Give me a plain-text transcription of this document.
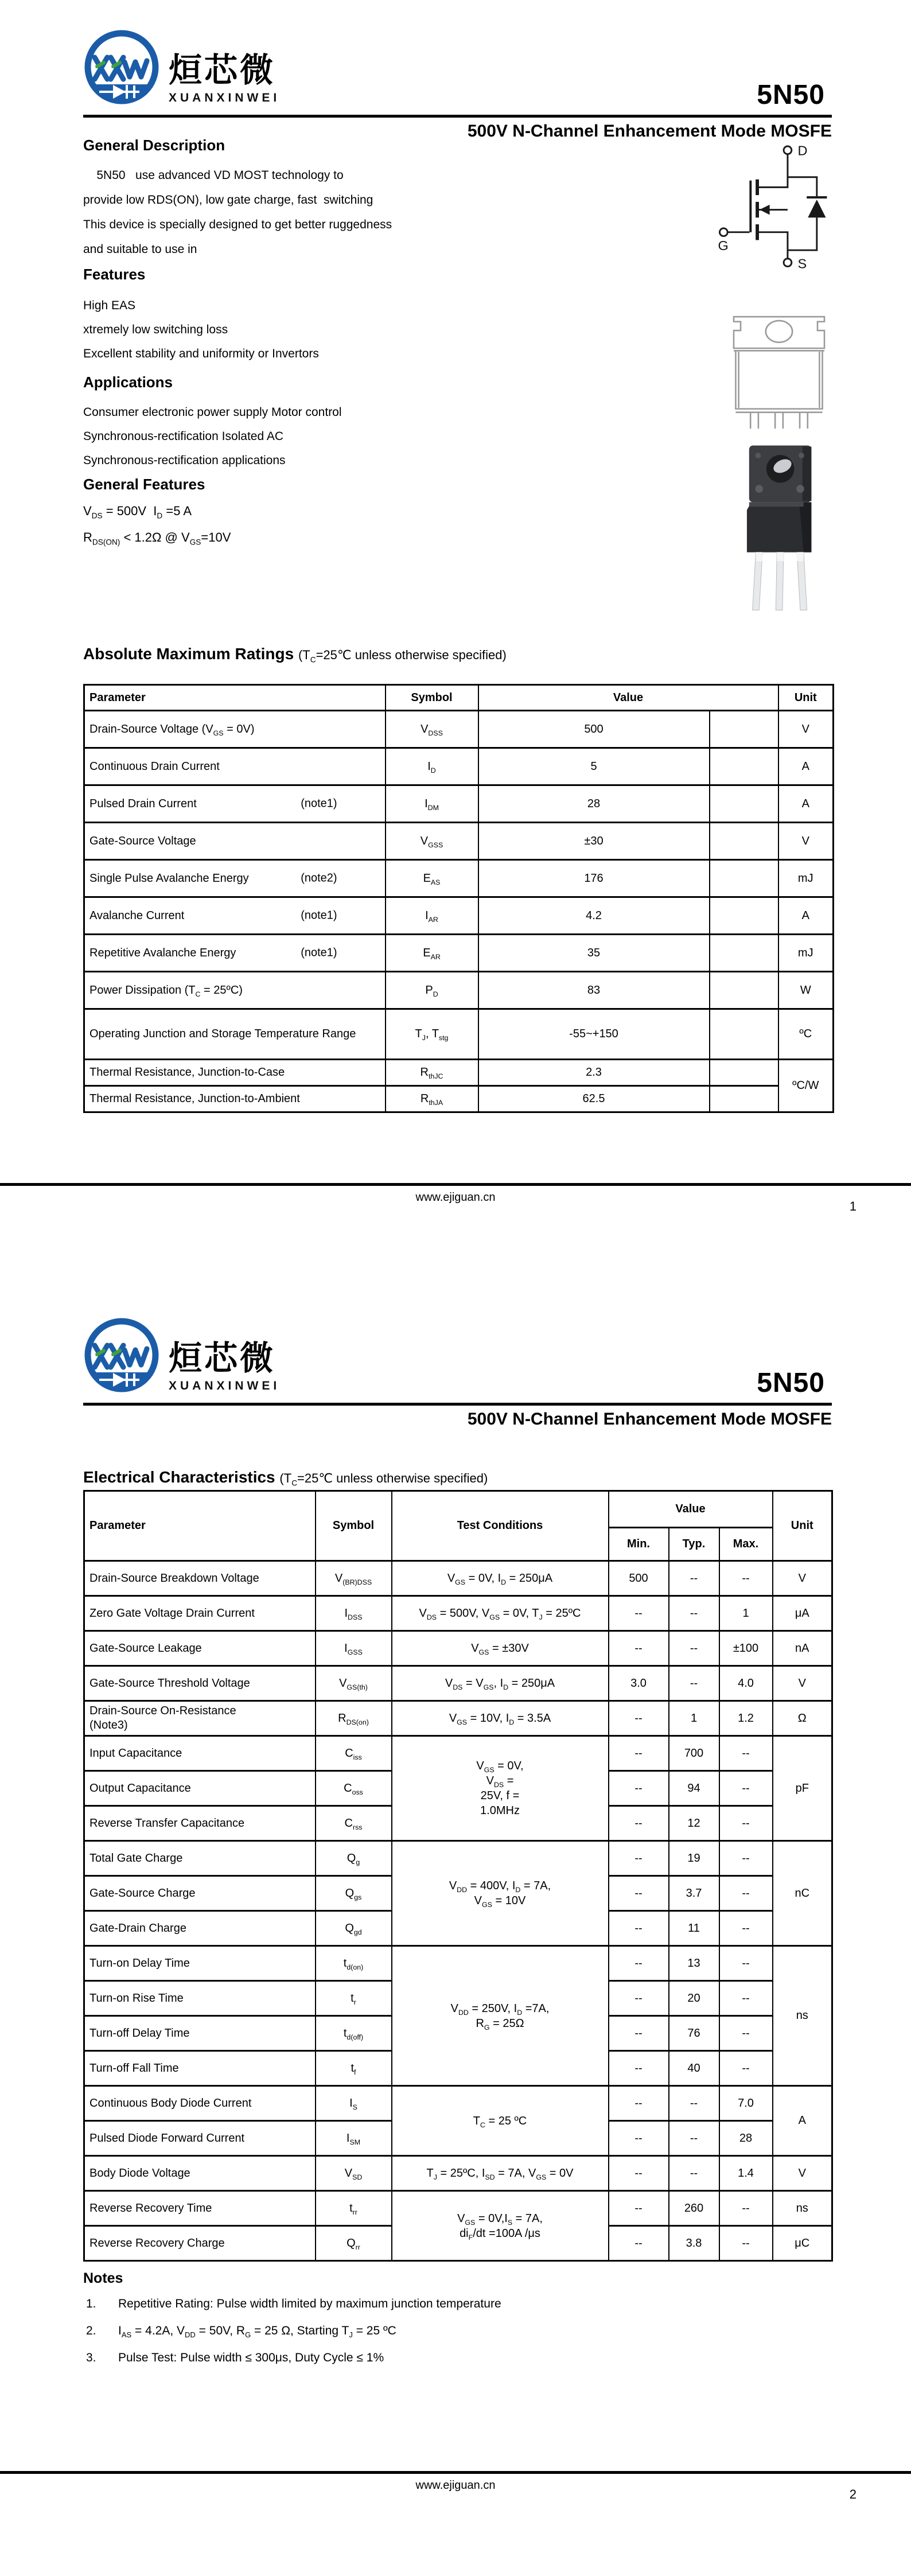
烜芯微
XUANXINWEI	5N50
500V N-Channel Enhancement Mode MOSFE
General Description
5N50   use advanced VD MOST technology to
provide low RDS(ON), low gate charge, fast  switching
This device is specially designed to get better ruggedness
and suitable to use in
Features
High EAS
xtremely low switching loss
Excellent stability and uniformity or Invertors
Applications
Consumer electronic power supply Motor control
Synchronous-rectification Isolated AC
Synchronous-rectification applications
General Features
$V_{DS} = 500V$  $I_D =5$ A
$R_{DS(ON)} < 1.2\Omega$ @ $V_{GS}=10V$
D
G
S
Absolute Maximum Ratings ($T_C=25℃$ unless otherwise specified)
Parameter	Symbol	Value		Unit
Drain-Source Voltage $(V_{GS} = 0V)$	$V_{DSS}$	500		V
Continuous Drain Current	$I_D$	5		A
Pulsed Drain Current (note1)	$I_{DM}$	28		A
Gate-Source Voltage	$V_{GSS}$	±30		V
Single Pulse Avalanche Energy (note2)	$E_{AS}$	176		mJ
Avalanche Current (note1)	$I_{AR}$	4.2		A
Repetitive Avalanche Energy (note1)	$E_{AR}$	35		mJ
Power Dissipation ($T_C$ = 25ºC)	$P_D$	83		W
Operating Junction and Storage Temperature Range	$T_J$, $T_{stg}$	-55~+150		ºC
Thermal Resistance, Junction-to-Case	$R_{thJC}$	2.3		ºC/W
Thermal Resistance, Junction-to-Ambient	$R_{thJA}$	62.5		
www.ejiguan.cn
1
烜芯微
XUANXINWEI	5N50
500V N-Channel Enhancement Mode MOSFE
Electrical Characteristics ($T_C=25℃$ unless otherwise specified)
Parameter	Symbol	Test Conditions	Value			Unit
			Min.	Typ.	Max.	
Drain-Source Breakdown Voltage	$V_{(BR)DSS}$	$V_{GS} = 0V$, $I_D = 250\mu A$	500	--	--	V
Zero Gate Voltage Drain Current	$I_{DSS}$	$V_{DS} = 500V$, $V_{GS} = 0V$, $T_J$ = 25ºC	--	--	1	μA
Gate-Source Leakage	$I_{GSS}$	$V_{GS} = \pm 30V$	--	--	±100	nA
Gate-Source Threshold Voltage	$V_{GS(th)}$	$V_{DS} = V_{GS}$, $I_D = 250\mu A$	3.0	--	4.0	V
Drain-Source On-Resistance
(Note3)	$R_{DS(on)}$	$V_{GS} = 10V$, $I_D = 3.5A$	--	1	1.2	Ω
Input Capacitance	$C_{iss}$	$V_{GS} = 0V$,
$V_{DS}$ =
25V, f =
1.0MHz	--	700	--	pF
Output Capacitance	$C_{oss}$		--	94	--	
Reverse Transfer Capacitance	$C_{rss}$		--	12	--	
Total Gate Charge	$Q_g$	$V_{DD} = 400V$, $I_D = 7A$,
$V_{GS} = 10V$	--	19	--	nC
Gate-Source Charge	$Q_{gs}$		--	3.7	--	
Gate-Drain Charge	$Q_{gd}$		--	11	--	
Turn-on Delay Time	$t_{d(on)}$	$V_{DD} = 250V$, $I_D =7A$,
$R_G = 25\Omega$	--	13	--	ns
Turn-on Rise Time	$t_r$		--	20	--	
Turn-off Delay Time	$t_{d(off)}$		--	76	--	
Turn-off Fall Time	$t_f$		--	40	--	
Continuous Body Diode Current	$I_S$	$T_C = 25$ ºC	--	--	7.0	A
Pulsed Diode Forward Current	$I_{SM}$		--	--	28	
Body Diode Voltage	$V_{SD}$	$T_J$ = 25ºC, $I_{SD} = 7A$, $V_{GS} = 0V$	--	--	1.4	V
Reverse Recovery Time	$t_{rr}$	$V_{GS} = 0V,I_S = 7A$,
$di_F/dt =100A$ /μs	--	260	--	ns
Reverse Recovery Charge	$Q_{rr}$		--	3.8	--	μC
Notes
1.	Repetitive Rating: Pulse width limited by maximum junction temperature
2.	$I_{AS} = 4.2A$, $V_{DD} = 50V$, $R_G = 25$ Ω, Starting $T_J = 25$ ºC
3.	Pulse Test: Pulse width ≤ 300μs, Duty Cycle ≤ 1%
www.ejiguan.cn
2
